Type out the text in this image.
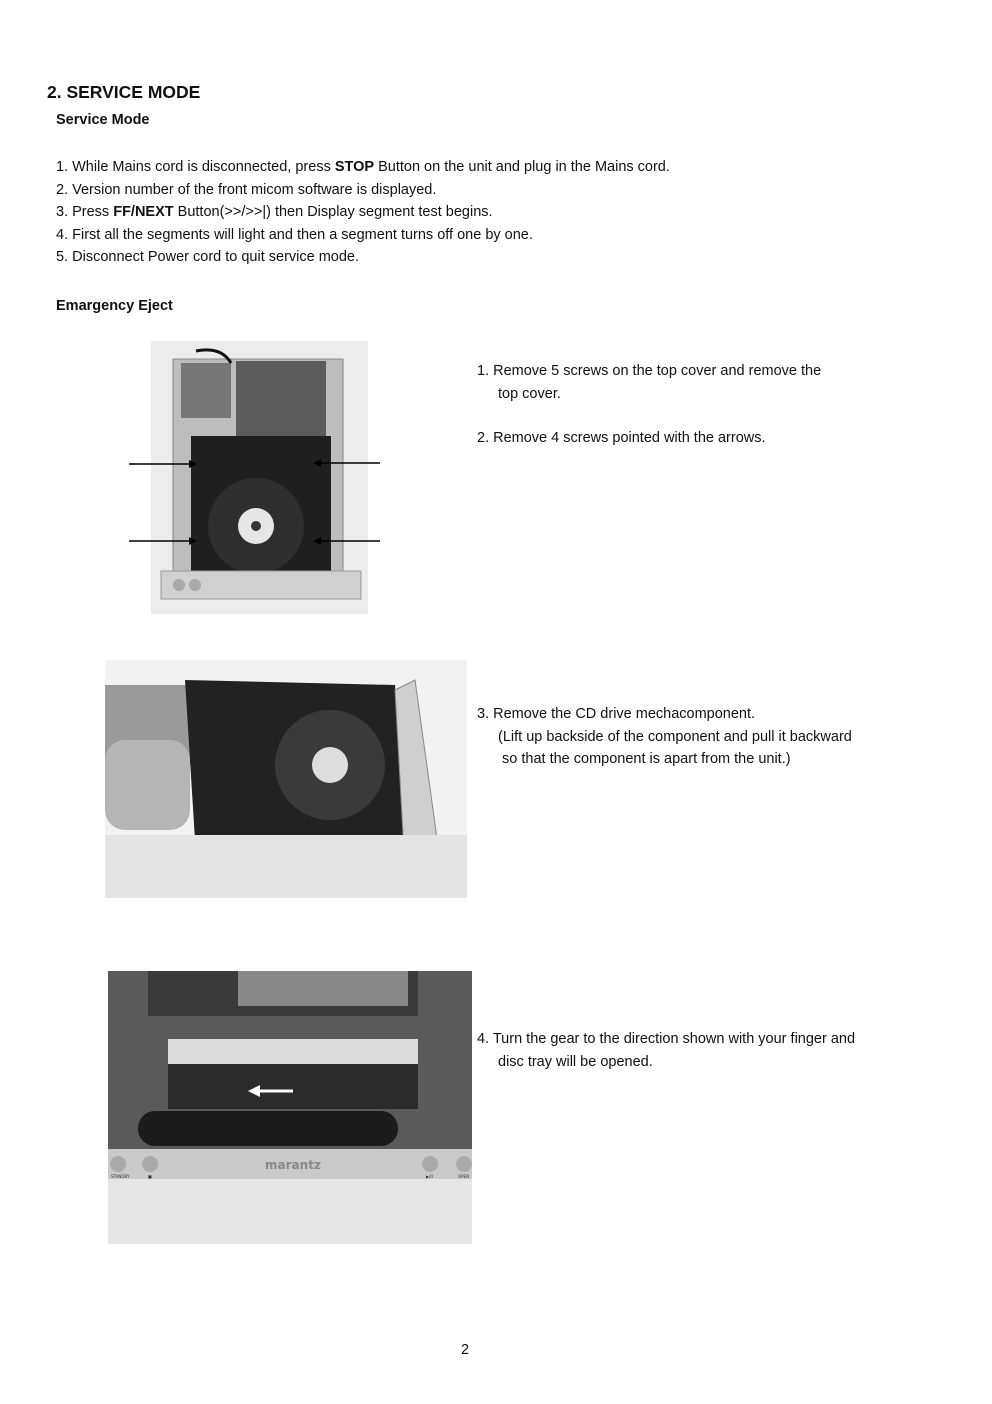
2. SERVICE MODE
Service Mode
1. While Mains cord is disconnected, press STOP Button on the unit and plug in the Mains cord.
2. Version number of the front micom software is displayed.
3. Press FF/NEXT Button(>>/>>|) then Display segment test begins.
4. First all the segments will light and then a segment turns off one by one.
5. Disconnect Power cord to quit service mode.
Emargency Eject
1. Remove 5 screws on the top cover and remove the
top cover.
2. Remove 4 screws pointed with the arrows.
3. Remove the CD drive mechacomponent.
(Lift up backside of the component and pull it backward
so that the component is apart from the unit.)
marantz
STANDBY	■	▶/II	OPEN
4. Turn the gear to the direction shown with your finger and
disc tray will be opened.
2
